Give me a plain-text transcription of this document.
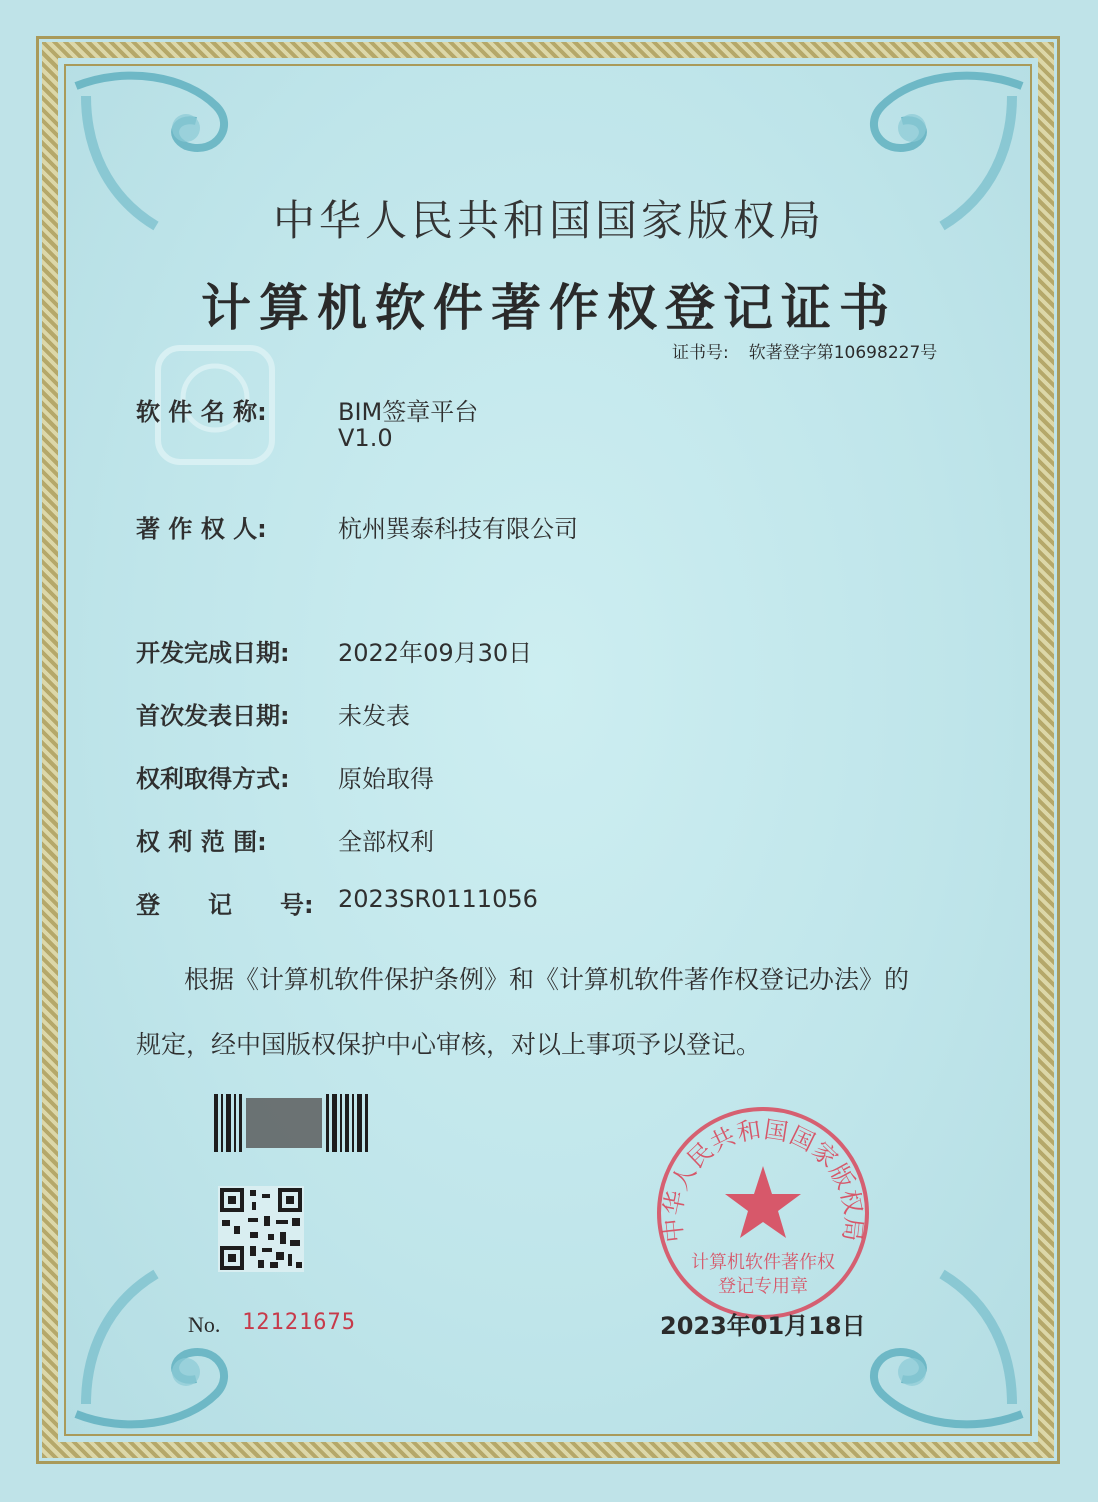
中华人民共和国国家版权局
计算机软件著作权登记证书
证书号: 软著登字第10698227号
软 件 名 称:	BIM签章平台
V1.0
著 作 权 人:	杭州巽泰科技有限公司
开发完成日期: 2022年09月30日
首次发表日期: 未发表
权利取得方式: 原始取得
权 利 范 围:	全部权利
登　　记　　号: 2023SR0111056
根据《计算机软件保护条例》和《计算机软件著作权登记办法》的
规定，经中国版权保护中心审核，对以上事项予以登记。
No. 12121675
中华人民共和国国家版权局
计算机软件著作权
登记专用章
2023年01月18日
